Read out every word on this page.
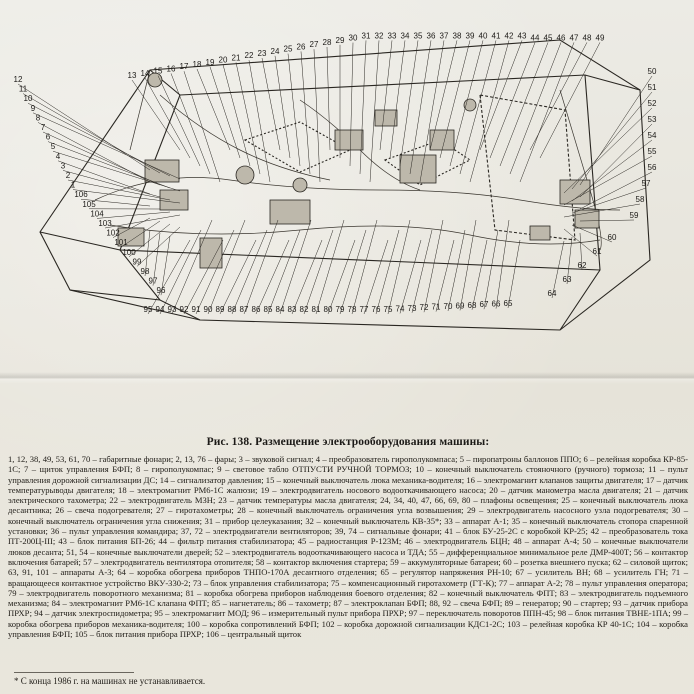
13 14 15 16 17 18 19 20 21 22 23 24 25 26 27 28 29 30 31 32 33 34 35 36 37 38 39 40 41 42 43 44 45 46 47 48 49
12
11
10
9
8
7
6
5
4
3
2
1
106
105
104
103
102
101
100
99
98
97
96
95 94 93 92 91 90 89 88 87 86 85 84 83 82 81 80 79 78 77 76 75 74 73 72 71 70 69 68 67 66 65
50
51
52
53
54
55
56
57
58
59
60
61
62
63
64

Рис. 138. Размещение электрооборудования машины:

1, 12, 38, 49, 53, 61, 70 – габаритные фонари; 2, 13, 76 – фары; 3 – звуковой сигнал; 4 – преобразователь гирополукомпаса; 5 – пиропатроны баллонов ППО; 6 – релейная коробка КР-85-1С; 7 – щиток управления БФП; 8 – гирополукомпас; 9 – световое табло ОТПУСТИ РУЧНОЙ ТОРМОЗ; 10 – конечный выключатель стояночного (ручного) тормоза; 11 – пульт управления дорожной сигнализации ДС; 14 – сигнализатор давления; 15 – конечный выключатель люка механика-водителя; 16 – электромагнит клапанов защиты двигателя; 17 – датчик температурыводы двигателя; 18 – электромагнит РМ6-1С жалюзи; 19 – электродвигатель носового водооткачивающего насоса; 20 – датчик манометра масла двигателя; 21 – датчик электрического тахометра; 22 – электродвигатель МЗН; 23 – датчик температуры масла двигателя; 24, 34, 40, 47, 66, 69, 80 – плафоны освещения; 25 – конечный выключатель люка десантника; 26 – свеча подогревателя; 27 – гиротахометры; 28 – конечный выключатель ограничения угла возвышения; 29 – электродвигатель насосного узла подогревателя; 30 – конечный выключатель ограничения угла снижения; 31 – прибор целеуказания; 32 – конечный выключатель КВ-35*; 33 – аппарат А-1; 35 – конечный выключатель стопора спаренной установки; 36 – пульт управления командира; 37, 72 – электродвигатели вентиляторов; 39, 74 – сигнальные фонари; 41 – блок БУ-25-2С с коробкой КР-25; 42 – преобразователь тока ПТ-200Ц-III; 43 – блок питания БП-26; 44 – фильтр питания стабилизатора; 45 – радиостанция Р-123М; 46 – электродвигатель БЦН; 48 – аппарат А-4; 50 – конечные выключатели люков десанта; 51, 54 – конечные выключатели дверей; 52 – электродвигатель водооткачивающего насоса и ТДА; 55 – дифференциальное минимальное реле ДМР-400Т; 56 – контактор включения батарей; 57 – электродвигатель вентилятора отопителя; 58 – контактор включения стартера; 59 – аккумуляторные батареи; 60 – розетка внешнего пуска; 62 – силовой щиток; 63, 91, 101 – аппараты А-3; 64 – коробка обогрева приборов ТНПО-170А десантного отделения; 65 – регулятор напряжения РН-10; 67 – усилитель ВН; 68 – усилитель ГН; 71 – вращающееся контактное устройство ВКУ-330-2; 73 – блок управления стабилизатора; 75 – компенсационный гиротахометр (ГТ-К); 77 – аппарат А-2; 78 – пульт управления оператора; 79 – электродвигатель поворотного механизма; 81 – коробка обогрева приборов наблюдения боевого отделения; 82 – конечный выключатель ФПТ; 83 – электродвигатель подъемного механизма; 84 – электромагнит РМ6-1С клапана ФПТ; 85 – нагнетатель; 86 – тахометр; 87 – электроклапан БФП; 88, 92 – свеча БФП; 89 – генератор; 90 – стартер; 93 – датчик прибора ПРХР; 94 – датчик электроспидометра; 95 – электромагнит МОД; 96 – измерительный пульт прибора ПРХР; 97 – переключатель поворотов ППН-45; 98 – блок питания ТВНЕ-1ПА; 99 – коробка обогрева приборов механика-водителя; 100 – коробка сопротивлений БФП; 102 – коробка дорожной сигнализации КДС1-2С; 103 – релейная коробка КР 40-1С; 104 – коробка управления БФП; 105 – блок питания прибора ПРХР; 106 – центральный щиток

* С конца 1986 г. на машинах не устанавливается.
